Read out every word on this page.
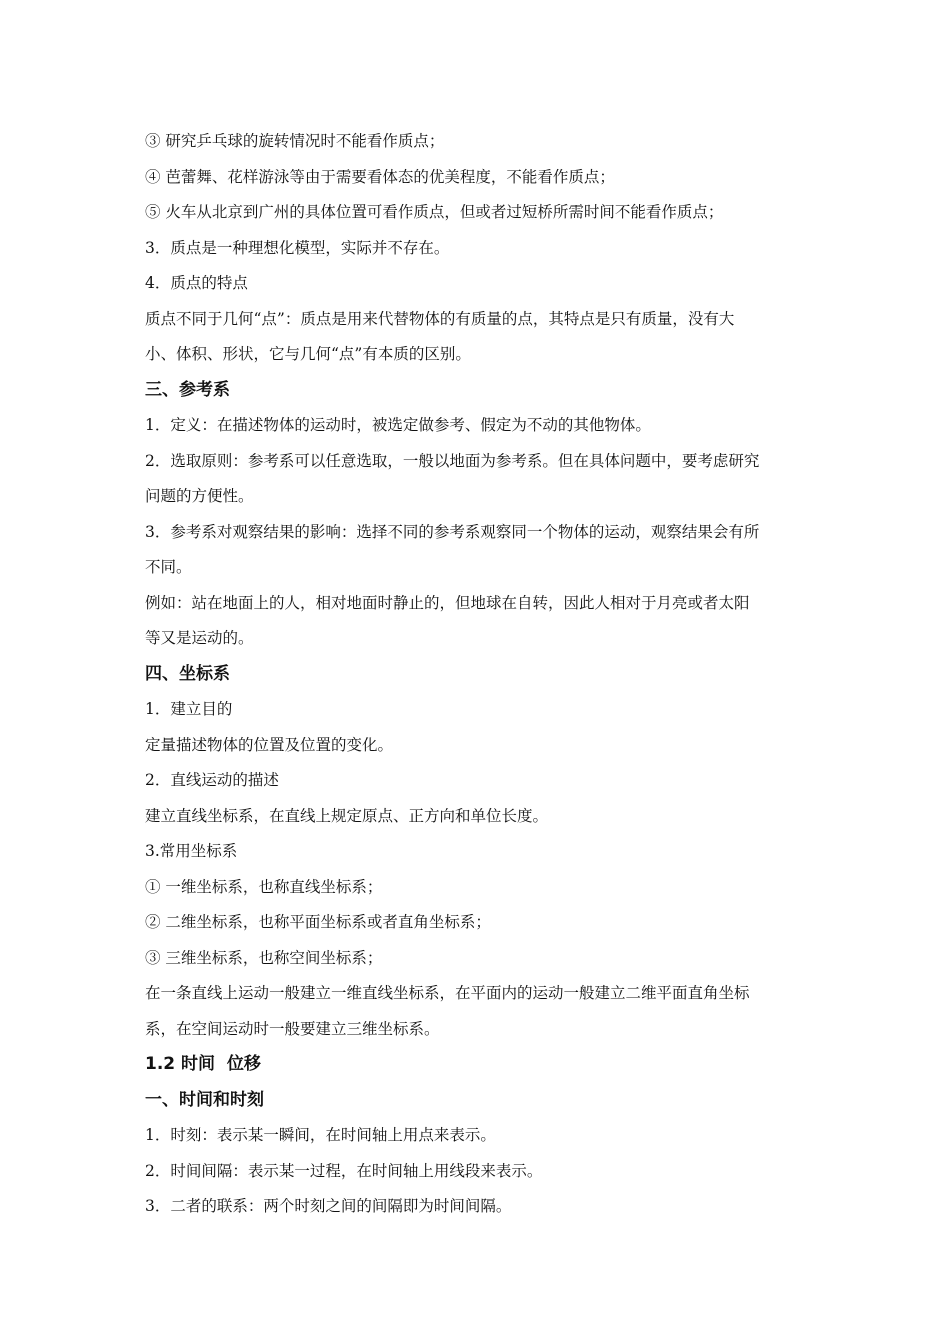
③ 研究乒乓球的旋转情况时不能看作质点；

④ 芭蕾舞、花样游泳等由于需要看体态的优美程度，不能看作质点；

⑤ 火车从北京到广州的具体位置可看作质点，但或者过短桥所需时间不能看作质点；

3．质点是一种理想化模型，实际并不存在。

4．质点的特点

质点不同于几何“点”：质点是用来代替物体的有质量的点，其特点是只有质量，没有大

小、体积、形状，它与几何“点”有本质的区别。

三、参考系

1．定义：在描述物体的运动时，被选定做参考、假定为不动的其他物体。

2．选取原则：参考系可以任意选取，一般以地面为参考系。但在具体问题中，要考虑研究

问题的方便性。

3．参考系对观察结果的影响：选择不同的参考系观察同一个物体的运动，观察结果会有所

不同。

例如：站在地面上的人，相对地面时静止的，但地球在自转，因此人相对于月亮或者太阳

等又是运动的。

四、坐标系

1．建立目的

定量描述物体的位置及位置的变化。

2．直线运动的描述

建立直线坐标系，在直线上规定原点、正方向和单位长度。

3.常用坐标系

① 一维坐标系，也称直线坐标系；

② 二维坐标系，也称平面坐标系或者直角坐标系；

③ 三维坐标系，也称空间坐标系；

在一条直线上运动一般建立一维直线坐标系，在平面内的运动一般建立二维平面直角坐标

系，在空间运动时一般要建立三维坐标系。

1.2 时间  位移

一、时间和时刻

1．时刻：表示某一瞬间，在时间轴上用点来表示。

2．时间间隔：表示某一过程，在时间轴上用线段来表示。

3．二者的联系：两个时刻之间的间隔即为时间间隔。
